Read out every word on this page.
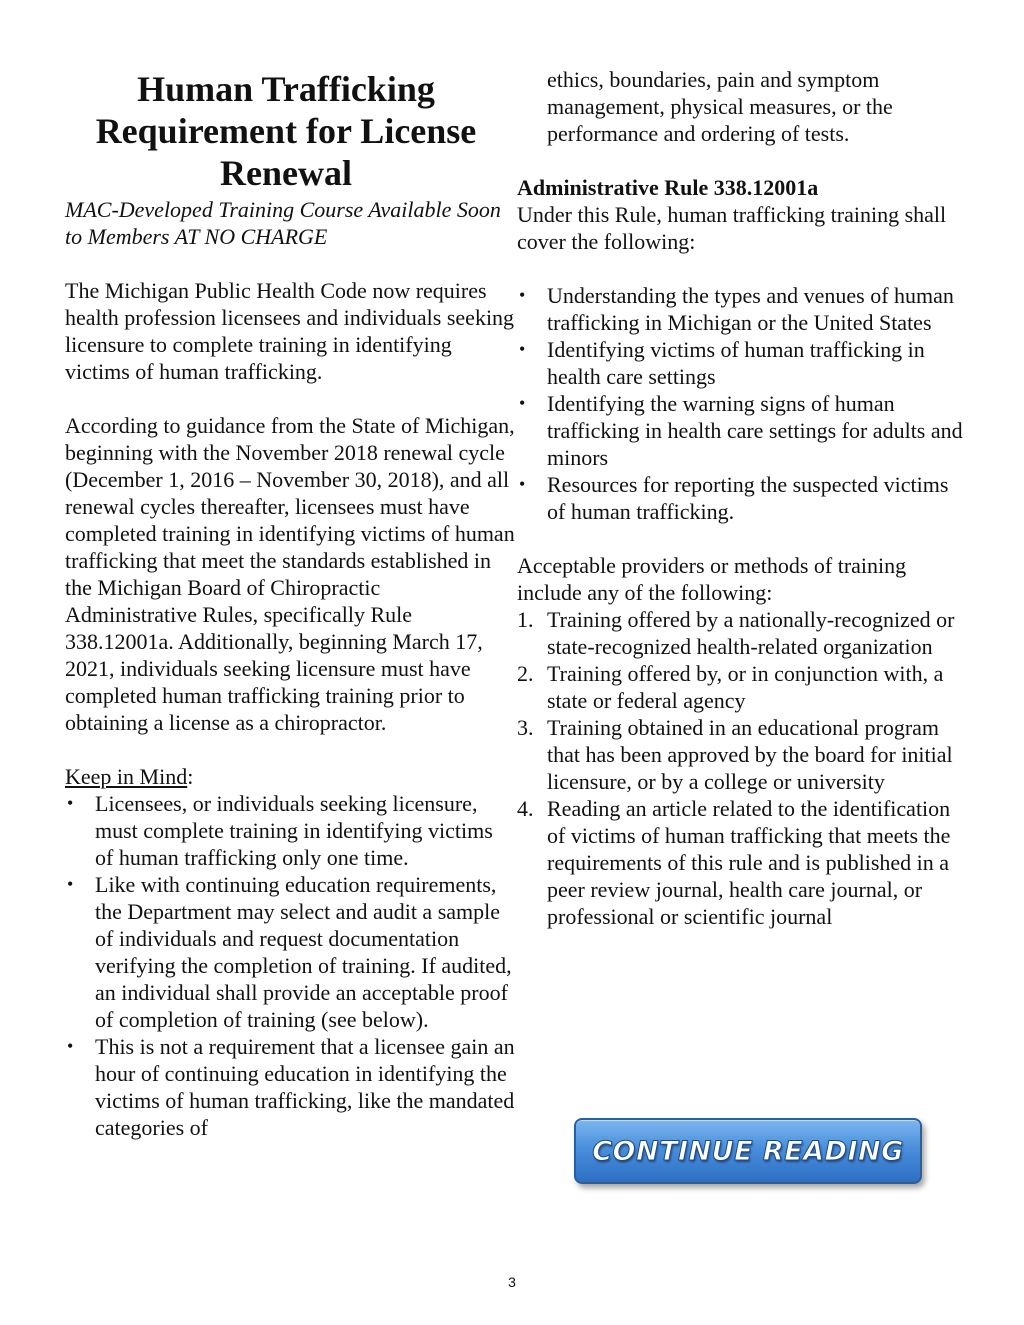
Human Trafficking Requirement for License Renewal

MAC-Developed Training Course Available Soon to Members AT NO CHARGE

The Michigan Public Health Code now requires health profession licensees and individuals seeking licensure to complete training in identifying victims of human trafficking.

According to guidance from the State of Michigan, beginning with the November 2018 renewal cycle (December 1, 2016 – November 30, 2018), and all renewal cycles thereafter, licensees must have completed training in identifying victims of human trafficking that meet the standards established in the Michigan Board of Chiropractic Administrative Rules, specifically Rule 338.12001a. Additionally, beginning March 17, 2021, individuals seeking licensure must have completed human trafficking training prior to obtaining a license as a chiropractor.

Keep in Mind:

• Licensees, or individuals seeking licensure, must complete training in identifying victims of human trafficking only one time.
• Like with continuing education requirements, the Department may select and audit a sample of individuals and request documentation verifying the completion of training. If audited, an individual shall provide an acceptable proof of completion of training (see below).
• This is not a requirement that a licensee gain an hour of continuing education in identifying the victims of human trafficking, like the mandated categories of

ethics, boundaries, pain and symptom management, physical measures, or the performance and ordering of tests.

Administrative Rule 338.12001a

Under this Rule, human trafficking training shall cover the following:

• Understanding the types and venues of human trafficking in Michigan or the United States
• Identifying victims of human trafficking in health care settings
• Identifying the warning signs of human trafficking in health care settings for adults and minors
• Resources for reporting the suspected victims of human trafficking.

Acceptable providers or methods of training include any of the following:

1. Training offered by a nationally-recognized or state-recognized health-related organization
2. Training offered by, or in conjunction with, a state or federal agency
3. Training obtained in an educational program that has been approved by the board for initial licensure, or by a college or university
4. Reading an article related to the identification of victims of human trafficking that meets the requirements of this rule and is published in a peer review journal, health care journal, or professional or scientific journal
CONTINUE READING
3
